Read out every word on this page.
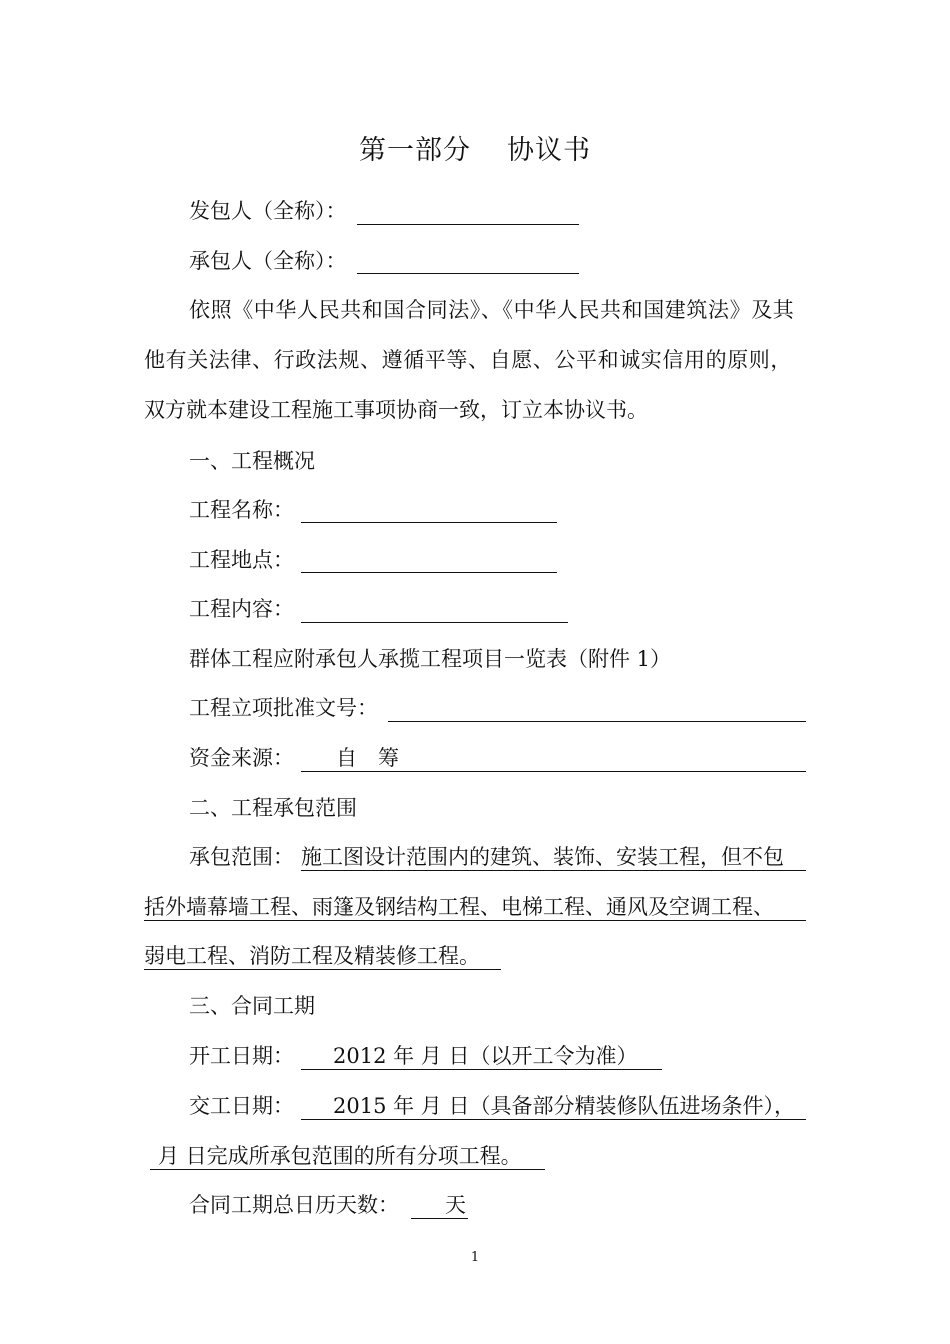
第一部分 协议书
发包人（全称）：
承包人（全称）：
依照《中华人民共和国合同法》、《中华人民共和国建筑法》及其
他有关法律、行政法规、遵循平等、自愿、公平和诚实信用的原则，
双方就本建设工程施工事项协商一致，订立本协议书。
一、工程概况
工程名称：
工程地点：
工程内容：
群体工程应附承包人承揽工程项目一览表（附件 1）
工程立项批准文号：
资金来源： 自　筹
二、工程承包范围
承包范围： 施工图设计范围内的建筑、装饰、安装工程，但不包
括外墙幕墙工程、雨篷及钢结构工程、电梯工程、通风及空调工程、
弱电工程、消防工程及精装修工程。
三、合同工期
开工日期： 2012 年 月 日（以开工令为准）
交工日期： 2015 年 月 日（具备部分精装修队伍进场条件），
月 日完成所承包范围的所有分项工程。
合同工期总日历天数： 天
1
